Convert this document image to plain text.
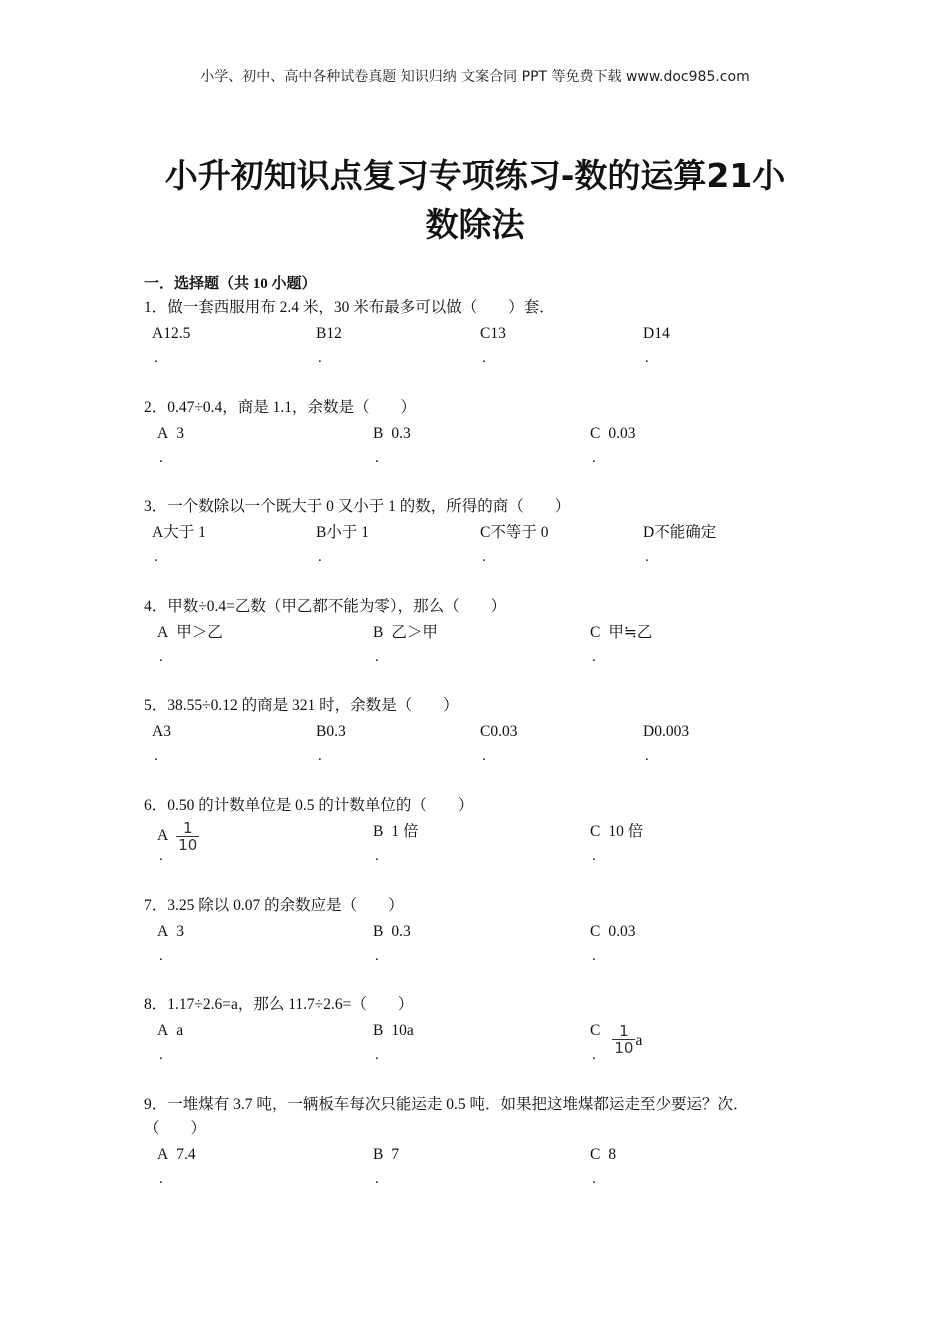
小学、初中、高中各种试卷真题 知识归纳 文案合同 PPT 等免费下载 www.doc985.com
小升初知识点复习专项练习-数的运算21小
数除法
一．选择题（共 10 小题）
1．做一套西服用布 2.4 米，30 米布最多可以做（　　）套．
A12.5
.
B12
.
C13
.
D14
.
2．0.47÷0.4，商是 1.1，余数是（　　）
A 3
.
B 0.3
.
C 0.03
.
3．一个数除以一个既大于 0 又小于 1 的数，所得的商（　　）
A大于 1
.
B小于 1
.
C不等于 0
.
D不能确定
.
4．甲数÷0.4=乙数（甲乙都不能为零），那么（　　）
A 甲＞乙
.
B 乙＞甲
.
C 甲≒乙
.
5．38.55÷0.12 的商是 321 时，余数是（　　）
A3
.
B0.3
.
C0.03
.
D0.003
.
6．0.50 的计数单位是 0.5 的计数单位的（　　）
A $\frac{1}{10}$
.
B 1 倍
.
C 10 倍
.
7．3.25 除以 0.07 的余数应是（　　）
A 3
.
B 0.3
.
C 0.03
.
8．1.17÷2.6=a，那么 11.7÷2.6=（　　）
A a
.
B 10a
.
C $\frac{1}{10}$ a
.
9．一堆煤有 3.7 吨，一辆板车每次只能运走 0.5 吨．如果把这堆煤都运走至少要运？次．（　　）
A 7.4
.
B 7
.
C 8
.
